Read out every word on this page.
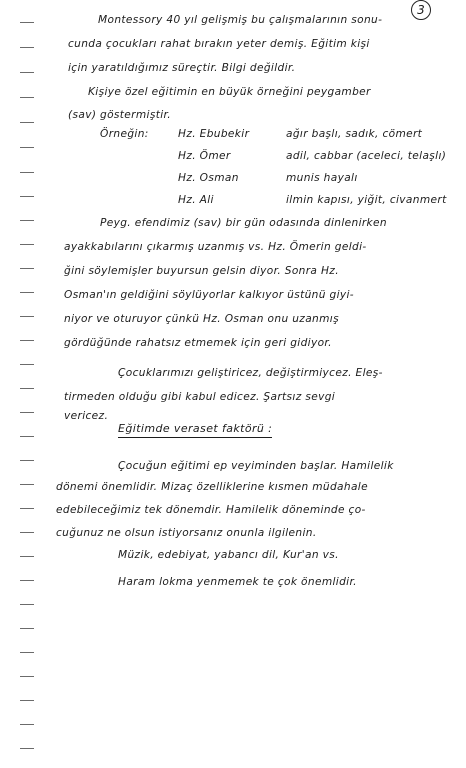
3
Montessory 40 yıl gelişmiş bu çalışmalarının sonu-
cunda çocukları rahat bırakın yeter demiş. Eğitim kişi
için yaratıldığımız süreçtir. Bilgi değildir.
Kişiye özel eğitimin en büyük örneğini peygamber
(sav) göstermiştir.
Örneğin:	Hz. Ebubekir	ağır başlı, sadık, cömert
Hz. Ömer	adil, cabbar (aceleci, telaşlı)
Hz. Osman	munis hayalı
Hz. Ali	ilmin kapısı, yiğit, civanmert
Peyg. efendimiz (sav) bir gün odasında dinlenirken
ayakkabılarını çıkarmış uzanmış vs. Hz. Ömerin geldi-
ğini söylemişler buyursun gelsin diyor. Sonra Hz.
Osman'ın geldiğini söylüyorlar kalkıyor üstünü giyi-
niyor ve oturuyor çünkü Hz. Osman onu uzanmış
gördüğünde rahatsız etmemek için geri gidiyor.
Çocuklarımızı geliştiricez, değiştirmiycez. Eleş-
tirmeden olduğu gibi kabul edicez. Şartsız sevgi
vericez.
Eğitimde veraset faktörü :
Çocuğun eğitimi ep veyiminden başlar. Hamilelik
dönemi önemlidir. Mizaç özelliklerine kısmen müdahale
edebileceğimiz tek dönemdir. Hamilelik döneminde ço-
cuğunuz ne olsun istiyorsanız onunla ilgilenin.
Müzik, edebiyat, yabancı dil, Kur'an vs.
Haram lokma yenmemek te çok önemlidir.
